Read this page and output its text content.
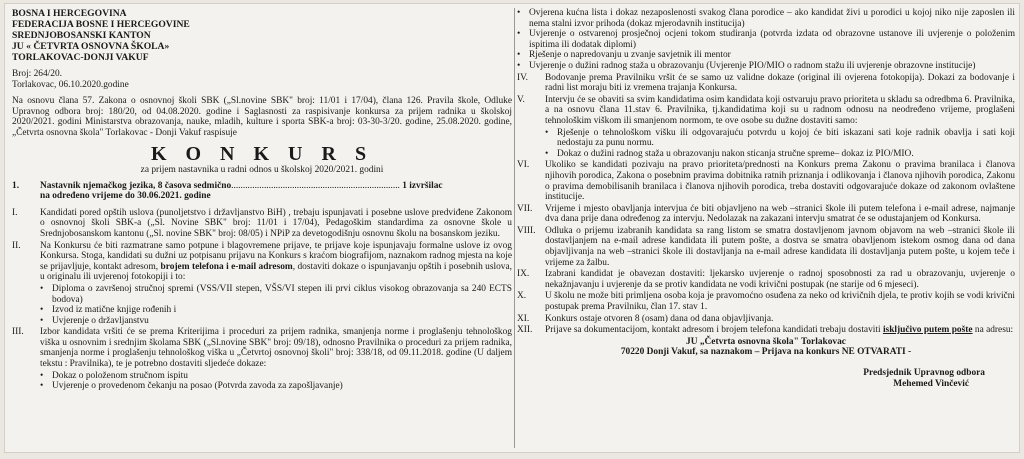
BOSNA I HERCEGOVINA
FEDERACIJA BOSNE I HERCEGOVINE
SREDNJOBOSANSKI KANTON
JU « ČETVRTA OSNOVNA ŠKOLA»
TORLAKOVAC-DONJI VAKUF

Broj: 264/20.

Torlakovac, 06.10.2020.godine

Na osnovu člana 57. Zakona o osnovnoj školi SBK („Sl.novine SBK" broj: 11/01 i 17/04), člana 126. Pravila škole, Odluke Upravnog odbora broj: 180/20, od 04.08.2020. godine i Saglasnosti za raspisivanje konkursa za prijem radnika u školskoj 2020/2021. godini Ministarstva obrazovanja, nauke, mladih, kulture i sporta SBK-a broj: 03-30-3/20. godine, 25.08.2020. godine, „Četvrta osnovna škola" Torlakovac - Donji Vakuf raspisuje

K O N K U R S
za prijem nastavnika u radni odnos u školskoj 2020/2021. godini
1.	Nastavnik njemačkog jezika, 8 časova sedmično........................................................................ 1 izvršilac
na određeno vrijeme do 30.06.2021. godine
I.	Kandidati pored opštih uslova (punoljetstvo i državljanstvo BiH) , trebaju ispunjavati i posebne uslove predviđene Zakonom o osnovnoj školi SBK-a („Sl. Novine SBK" broj: 11/01 i 17/04), Pedagoškim standardima za osnovne škole u Srednjobosanskom kantonu („Sl. novine SBK" broj: 08/05) i NPiP za devetogodišnju osnovnu školu na bosanskom jeziku.
II.	Na Konkursu će biti razmatrane samo potpune i blagovremene prijave, te prijave koje ispunjavaju formalne uslove iz ovog Konkursa. Stoga, kandidati su dužni uz potpisanu prijavu na Konkurs s kraćom biografijom, naznakom radnog mjesta na koje se prijavljuje, kontakt adresom, brojem telefona i e-mail adresom, dostaviti dokaze o ispunjavanju opštih i posebnih uslova, u originalu ili uvjerenoj fotokopiji i to:
• Diploma o završenoj stručnoj spremi (VSS/VII stepen, VŠS/VI stepen ili prvi ciklus visokog obrazovanja sa 240 ECTS bodova)
• Izvod iz matične knjige rođenih i
• Uvjerenje o državljanstvu
III.	Izbor kandidata vršiti će se prema Kriterijima i proceduri za prijem radnika, smanjenja norme i proglašenju tehnološkog viška u osnovnim i srednjim školama SBK („Sl.novine SBK" broj: 09/18), odnosno Pravilnika o proceduri za prijem radnika, smanjenja norme i proglašenju tehnološkog viška u „Četvrtoj osnovnoj školi" broj: 338/18, od 09.11.2018. godine (U daljem tekstu : Pravilnika), te je potrebno dostaviti sljedeće dokaze:
• Dokaz o položenom stručnom ispitu
• Uvjerenje o provedenom čekanju na posao (Potvrda zavoda za zapošljavanje)
• Ovjerena kućna lista i dokaz nezaposlenosti svakog člana porodice – ako kandidat živi u porodici u kojoj niko nije zaposlen ili nema stalni izvor prihoda (dokaz mjerodavnih institucija)
• Uvjerenje o ostvarenoj prosječnoj ocjeni tokom studiranja (potvrda izdata od obrazovne ustanove ili uvjerenje o položenim ispitima ili dodatak diplomi)
• Rješenje o napredovanju u zvanje savjetnik ili mentor
• Uvjerenje o dužini radnog staža u obrazovanju (Uvjerenje PIO/MIO o radnom stažu ili uvjerenje obrazovne institucije)
IV.	Bodovanje prema Pravilniku vršit će se samo uz validne dokaze (original ili ovjerena fotokopija). Dokazi za bodovanje i radni list moraju biti iz vremena trajanja Konkursa.
V.	Intervju će se obaviti sa svim kandidatima osim kandidata koji ostvaruju pravo prioriteta u skladu sa odredbma 6. Pravilnika, a na osnovu člana 11.stav 6. Pravilnika, tj.kandidatima koji su u radnom odnosu na neodređeno vrijeme, proglašeni tehnološkim viškom ili smanjenom normom, te ove osobe su dužne dostaviti samo:
• Rješenje o tehnološkom višku ili odgovarajuću potvrdu u kojoj će biti iskazani sati koje radnik obavlja i sati koji nedostaju za punu normu.
• Dokaz o dužini radnog staža u obrazovanju nakon sticanja stručne spreme– dokaz iz PIO/MIO.
VI.	Ukoliko se kandidati pozivaju na pravo prioriteta/prednosti na Konkurs prema Zakonu o pravima branilaca i članova njihovih porodica, Zakona o posebnim pravima dobitnika ratnih priznanja i odlikovanja i članova njihovih porodica, Zakonu o pravima demobilisanih branilaca i članova njihovih porodica, treba dostaviti odgovarajuće dokaze od zakonom ovlaštene institucije.
VII.	Vrijeme i mjesto obavljanja intervjua će biti objavljeno na web –stranici škole ili putem telefona i e-mail adrese, najmanje dva dana prije dana određenog za intervju. Nedolazak na zakazani intervju smatrat će se odustajanjem od Konkursa.
VIII.	Odluka o prijemu izabranih kandidata sa rang listom se smatra dostavljenom javnom objavom na web –stranici škole ili dostavljanjem na e-mail adrese kandidata ili putem pošte, a dostva se smatra obavljenom istekom osmog dana od dana objavljivanja na web –stranici škole ili dostavljanja na e-mail adrese kandidata ili dostavljanja putem pošte, u kojem teče i vrijeme za žalbu.
IX.	Izabrani kandidat je obavezan dostaviti: ljekarsko uvjerenje o radnoj sposobnosti za rad u obrazovanju, uvjerenje o nekažnjavanju i uvjerenje da se protiv kandidata ne vodi krivični postupak (ne starije od 6 mjeseci).
X.	U školu ne može biti primljena osoba koja je pravomoćno osuđena za neko od krivičnih djela, te protiv kojih se vodi krivični postupak prema Pravilniku, član 17. stav 1.
XI.	Konkurs ostaje otvoren 8 (osam) dana od dana objavljivanja.
XII.	Prijave sa dokumentacijom, kontakt adresom i brojem telefona kandidati trebaju dostaviti isključivo putem pošte na adresu:
JU „Četvrta osnovna škola" Torlakovac
70220 Donji Vakuf, sa naznakom – Prijava na konkurs NE OTVARATI -
Predsjednik Upravnog odbora
Mehemed Vinčević
